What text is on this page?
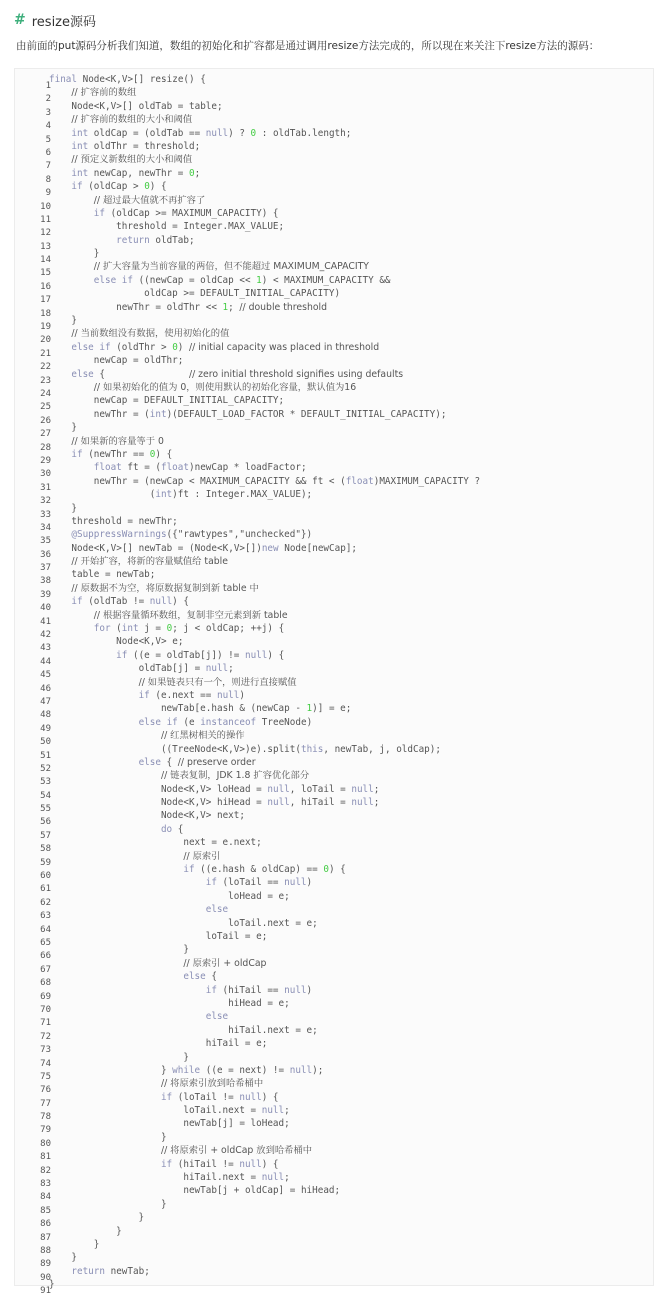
# resize源码
由前面的put源码分析我们知道，数组的初始化和扩容都是通过调用resize方法完成的，所以现在来关注下resize方法的源码：
1
2
3
4
5
6
7
8
9
10
11
12
13
14
15
16
17
18
19
20
21
22
23
24
25
26
27
28
29
30
31
32
33
34
35
36
37
38
39
40
41
42
43
44
45
46
47
48
49
50
51
52
53
54
55
56
57
58
59
60
61
62
63
64
65
66
67
68
69
70
71
72
73
74
75
76
77
78
79
80
81
82
83
84
85
86
87
88
89
90
91
final Node<K,V>[] resize() {
// 扩容前的数组
Node<K,V>[] oldTab = table;
// 扩容前的数组的大小和阈值
int oldCap = (oldTab == null) ? 0 : oldTab.length;
int oldThr = threshold;
// 预定义新数组的大小和阈值
int newCap, newThr = 0;
if (oldCap > 0) {
// 超过最大值就不再扩容了
if (oldCap >= MAXIMUM_CAPACITY) {
threshold = Integer.MAX_VALUE;
return oldTab;
}
// 扩大容量为当前容量的两倍，但不能超过 MAXIMUM_CAPACITY
else if ((newCap = oldCap << 1) < MAXIMUM_CAPACITY &&
oldCap >= DEFAULT_INITIAL_CAPACITY)
newThr = oldThr << 1; // double threshold
}
// 当前数组没有数据，使用初始化的值
else if (oldThr > 0) // initial capacity was placed in threshold
newCap = oldThr;
else {               // zero initial threshold signifies using defaults
// 如果初始化的值为 0，则使用默认的初始化容量，默认值为16
newCap = DEFAULT_INITIAL_CAPACITY;
newThr = (int)(DEFAULT_LOAD_FACTOR * DEFAULT_INITIAL_CAPACITY);
}
// 如果新的容量等于 0
if (newThr == 0) {
float ft = (float)newCap * loadFactor;
newThr = (newCap < MAXIMUM_CAPACITY && ft < (float)MAXIMUM_CAPACITY ?
(int)ft : Integer.MAX_VALUE);
}
threshold = newThr;
@SuppressWarnings({"rawtypes","unchecked"})
Node<K,V>[] newTab = (Node<K,V>[])new Node[newCap];
// 开始扩容，将新的容量赋值给 table
table = newTab;
// 原数据不为空，将原数据复制到新 table 中
if (oldTab != null) {
// 根据容量循环数组，复制非空元素到新 table
for (int j = 0; j < oldCap; ++j) {
Node<K,V> e;
if ((e = oldTab[j]) != null) {
oldTab[j] = null;
// 如果链表只有一个，则进行直接赋值
if (e.next == null)
newTab[e.hash & (newCap - 1)] = e;
else if (e instanceof TreeNode)
// 红黑树相关的操作
((TreeNode<K,V>)e).split(this, newTab, j, oldCap);
else { // preserve order
// 链表复制，JDK 1.8 扩容优化部分
Node<K,V> loHead = null, loTail = null;
Node<K,V> hiHead = null, hiTail = null;
Node<K,V> next;
do {
next = e.next;
// 原索引
if ((e.hash & oldCap) == 0) {
if (loTail == null)
loHead = e;
else
loTail.next = e;
loTail = e;
}
// 原索引 + oldCap
else {
if (hiTail == null)
hiHead = e;
else
hiTail.next = e;
hiTail = e;
}
} while ((e = next) != null);
// 将原索引放到哈希桶中
if (loTail != null) {
loTail.next = null;
newTab[j] = loHead;
}
// 将原索引 + oldCap 放到哈希桶中
if (hiTail != null) {
hiTail.next = null;
newTab[j + oldCap] = hiHead;
}
}
}
}
}
return newTab;
}
